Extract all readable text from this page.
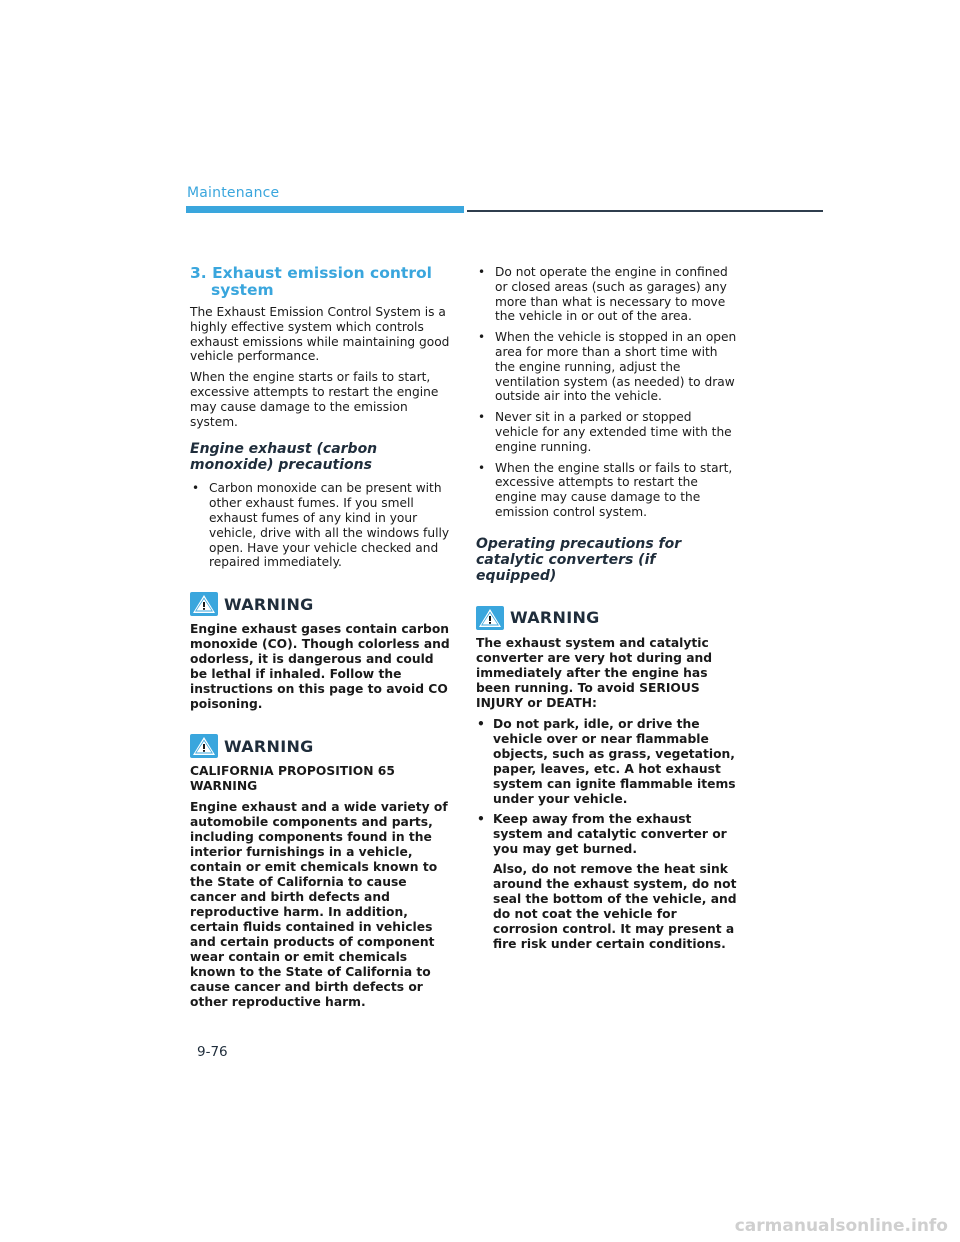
Maintenance
3. Exhaust emission control system

The Exhaust Emission Control System is a highly effective system which controls exhaust emissions while maintaining good vehicle performance.

When the engine starts or fails to start, excessive attempts to restart the engine may cause damage to the emission system.

Engine exhaust (carbon monoxide) precautions
• Carbon monoxide can be present with other exhaust fumes. If you smell exhaust fumes of any kind in your vehicle, drive with all the windows fully open. Have your vehicle checked and repaired immediately.
WARNING

Engine exhaust gases contain carbon monoxide (CO). Though colorless and odorless, it is dangerous and could be lethal if inhaled. Follow the instructions on this page to avoid CO poisoning.

WARNING

CALIFORNIA PROPOSITION 65 WARNING

Engine exhaust and a wide variety of automobile components and parts, including components found in the interior furnishings in a vehicle, contain or emit chemicals known to the State of California to cause cancer and birth defects and reproductive harm. In addition, certain fluids contained in vehicles and certain products of component wear contain or emit chemicals known to the State of California to cause cancer and birth defects or other reproductive harm.

• Do not operate the engine in confined or closed areas (such as garages) any more than what is necessary to move the vehicle in or out of the area.
• When the vehicle is stopped in an open area for more than a short time with the engine running, adjust the ventilation system (as needed) to draw outside air into the vehicle.
• Never sit in a parked or stopped vehicle for any extended time with the engine running.
• When the engine stalls or fails to start, excessive attempts to restart the engine may cause damage to the emission control system.
Operating precautions for catalytic converters (if equipped)
WARNING

The exhaust system and catalytic converter are very hot during and immediately after the engine has been running. To avoid SERIOUS INJURY or DEATH:

• Do not park, idle, or drive the vehicle over or near flammable objects, such as grass, vegetation, paper, leaves, etc. A hot exhaust system can ignite flammable items under your vehicle.
• Keep away from the exhaust system and catalytic converter or you may get burned.

Also, do not remove the heat sink around the exhaust system, do not seal the bottom of the vehicle, and do not coat the vehicle for corrosion control. It may present a fire risk under certain conditions.

9-76
carmanualsonline.info
